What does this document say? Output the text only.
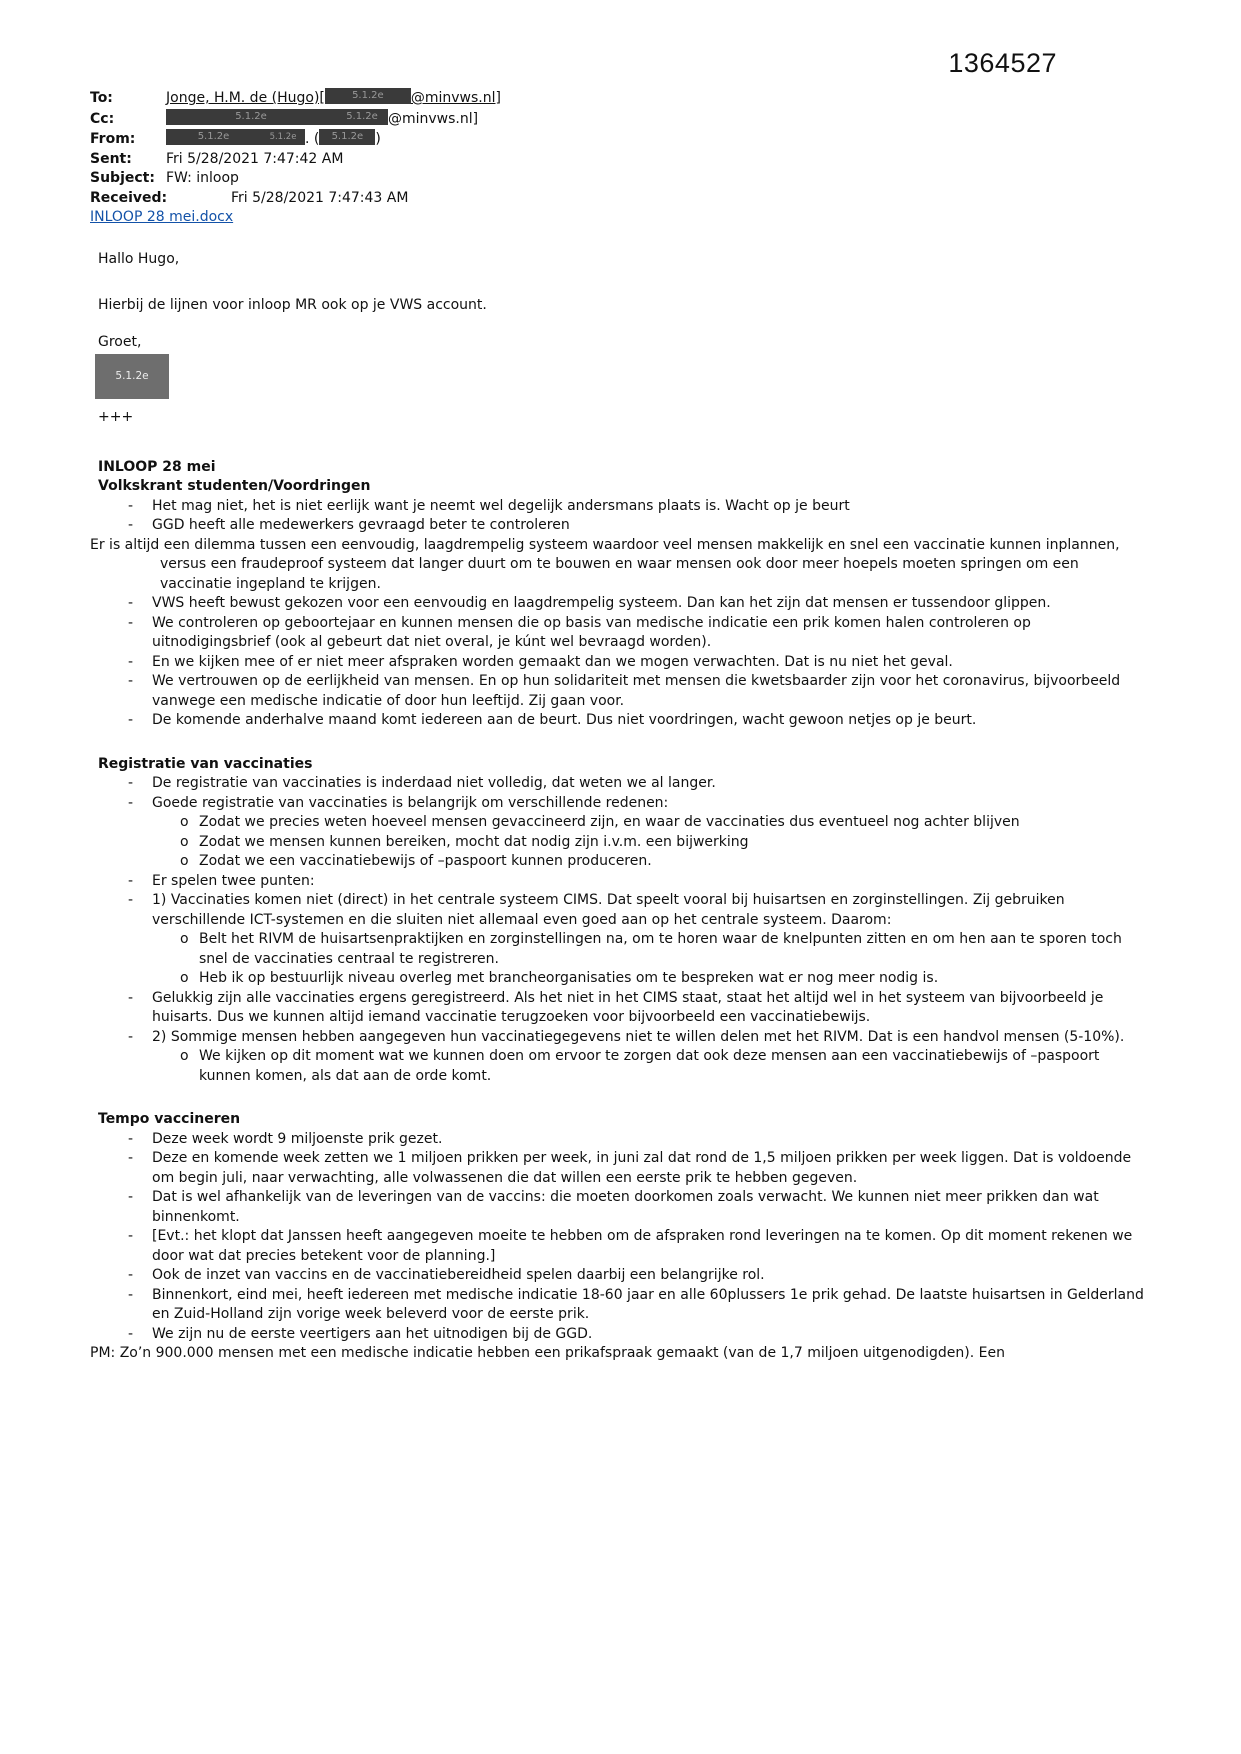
1364527
To:	Jonge, H.M. de (Hugo)[	5.1.2e @minvws.nl]
Cc:	5.1.2e	5.1.2e @minvws.nl]
From:	5.1.2e	5.1.2e . ( 5.1.2e )
Sent: Fri 5/28/2021 7:47:42 AM
Subject: FW: inloop
Received:	Fri 5/28/2021 7:47:43 AM
INLOOP 28 mei.docx
Hallo Hugo,
Hierbij de lijnen voor inloop MR ook op je VWS account.
Groet,
5.1.2e
+++
INLOOP 28 mei
Volkskrant studenten/Voordringen
-	Het mag niet, het is niet eerlijk want je neemt wel degelijk andersmans plaats is. Wacht op je beurt
-	GGD heeft alle medewerkers gevraagd beter te controleren
Er is altijd een dilemma tussen een eenvoudig, laagdrempelig systeem waardoor veel mensen makkelijk en snel een vaccinatie kunnen inplannen, versus een fraudeproof systeem dat langer duurt om te bouwen en waar mensen ook door meer hoepels moeten springen om een vaccinatie ingepland te krijgen.
-	VWS heeft bewust gekozen voor een eenvoudig en laagdrempelig systeem. Dan kan het zijn dat mensen er tussendoor glippen.
-	We controleren op geboortejaar en kunnen mensen die op basis van medische indicatie een prik komen halen controleren op uitnodigingsbrief (ook al gebeurt dat niet overal, je kúnt wel bevraagd worden).
-	En we kijken mee of er niet meer afspraken worden gemaakt dan we mogen verwachten. Dat is nu niet het geval.
-	We vertrouwen op de eerlijkheid van mensen. En op hun solidariteit met mensen die kwetsbaarder zijn voor het coronavirus, bijvoorbeeld vanwege een medische indicatie of door hun leeftijd. Zij gaan voor.
-	De komende anderhalve maand komt iedereen aan de beurt. Dus niet voordringen, wacht gewoon netjes op je beurt.
Registratie van vaccinaties
-	De registratie van vaccinaties is inderdaad niet volledig, dat weten we al langer.
-	Goede registratie van vaccinaties is belangrijk om verschillende redenen:
o Zodat we precies weten hoeveel mensen gevaccineerd zijn, en waar de vaccinaties dus eventueel nog achter blijven
o Zodat we mensen kunnen bereiken, mocht dat nodig zijn i.v.m. een bijwerking
o Zodat we een vaccinatiebewijs of –paspoort kunnen produceren.
-	Er spelen twee punten:
-	1) Vaccinaties komen niet (direct) in het centrale systeem CIMS. Dat speelt vooral bij huisartsen en zorginstellingen. Zij gebruiken verschillende ICT-systemen en die sluiten niet allemaal even goed aan op het centrale systeem. Daarom:
o Belt het RIVM de huisartsenpraktijken en zorginstellingen na, om te horen waar de knelpunten zitten en om hen aan te sporen toch snel de vaccinaties centraal te registreren.
o Heb ik op bestuurlijk niveau overleg met brancheorganisaties om te bespreken wat er nog meer nodig is.
-	Gelukkig zijn alle vaccinaties ergens geregistreerd. Als het niet in het CIMS staat, staat het altijd wel in het systeem van bijvoorbeeld je huisarts. Dus we kunnen altijd iemand vaccinatie terugzoeken voor bijvoorbeeld een vaccinatiebewijs.
-	2) Sommige mensen hebben aangegeven hun vaccinatiegegevens niet te willen delen met het RIVM. Dat is een handvol mensen (5-10%).
o We kijken op dit moment wat we kunnen doen om ervoor te zorgen dat ook deze mensen aan een vaccinatiebewijs of –paspoort kunnen komen, als dat aan de orde komt.
Tempo vaccineren
-	Deze week wordt 9 miljoenste prik gezet.
-	Deze en komende week zetten we 1 miljoen prikken per week, in juni zal dat rond de 1,5 miljoen prikken per week liggen. Dat is voldoende om begin juli, naar verwachting, alle volwassenen die dat willen een eerste prik te hebben gegeven.
-	Dat is wel afhankelijk van de leveringen van de vaccins: die moeten doorkomen zoals verwacht. We kunnen niet meer prikken dan wat binnenkomt.
-	[Evt.: het klopt dat Janssen heeft aangegeven moeite te hebben om de afspraken rond leveringen na te komen. Op dit moment rekenen we door wat dat precies betekent voor de planning.]
-	Ook de inzet van vaccins en de vaccinatiebereidheid spelen daarbij een belangrijke rol.
-	Binnenkort, eind mei, heeft iedereen met medische indicatie 18-60 jaar en alle 60plussers 1e prik gehad. De laatste huisartsen in Gelderland en Zuid-Holland zijn vorige week beleverd voor de eerste prik.
-	We zijn nu de eerste veertigers aan het uitnodigen bij de GGD.
PM: Zo’n 900.000 mensen met een medische indicatie hebben een prikafspraak gemaakt (van de 1,7 miljoen uitgenodigden). Een
